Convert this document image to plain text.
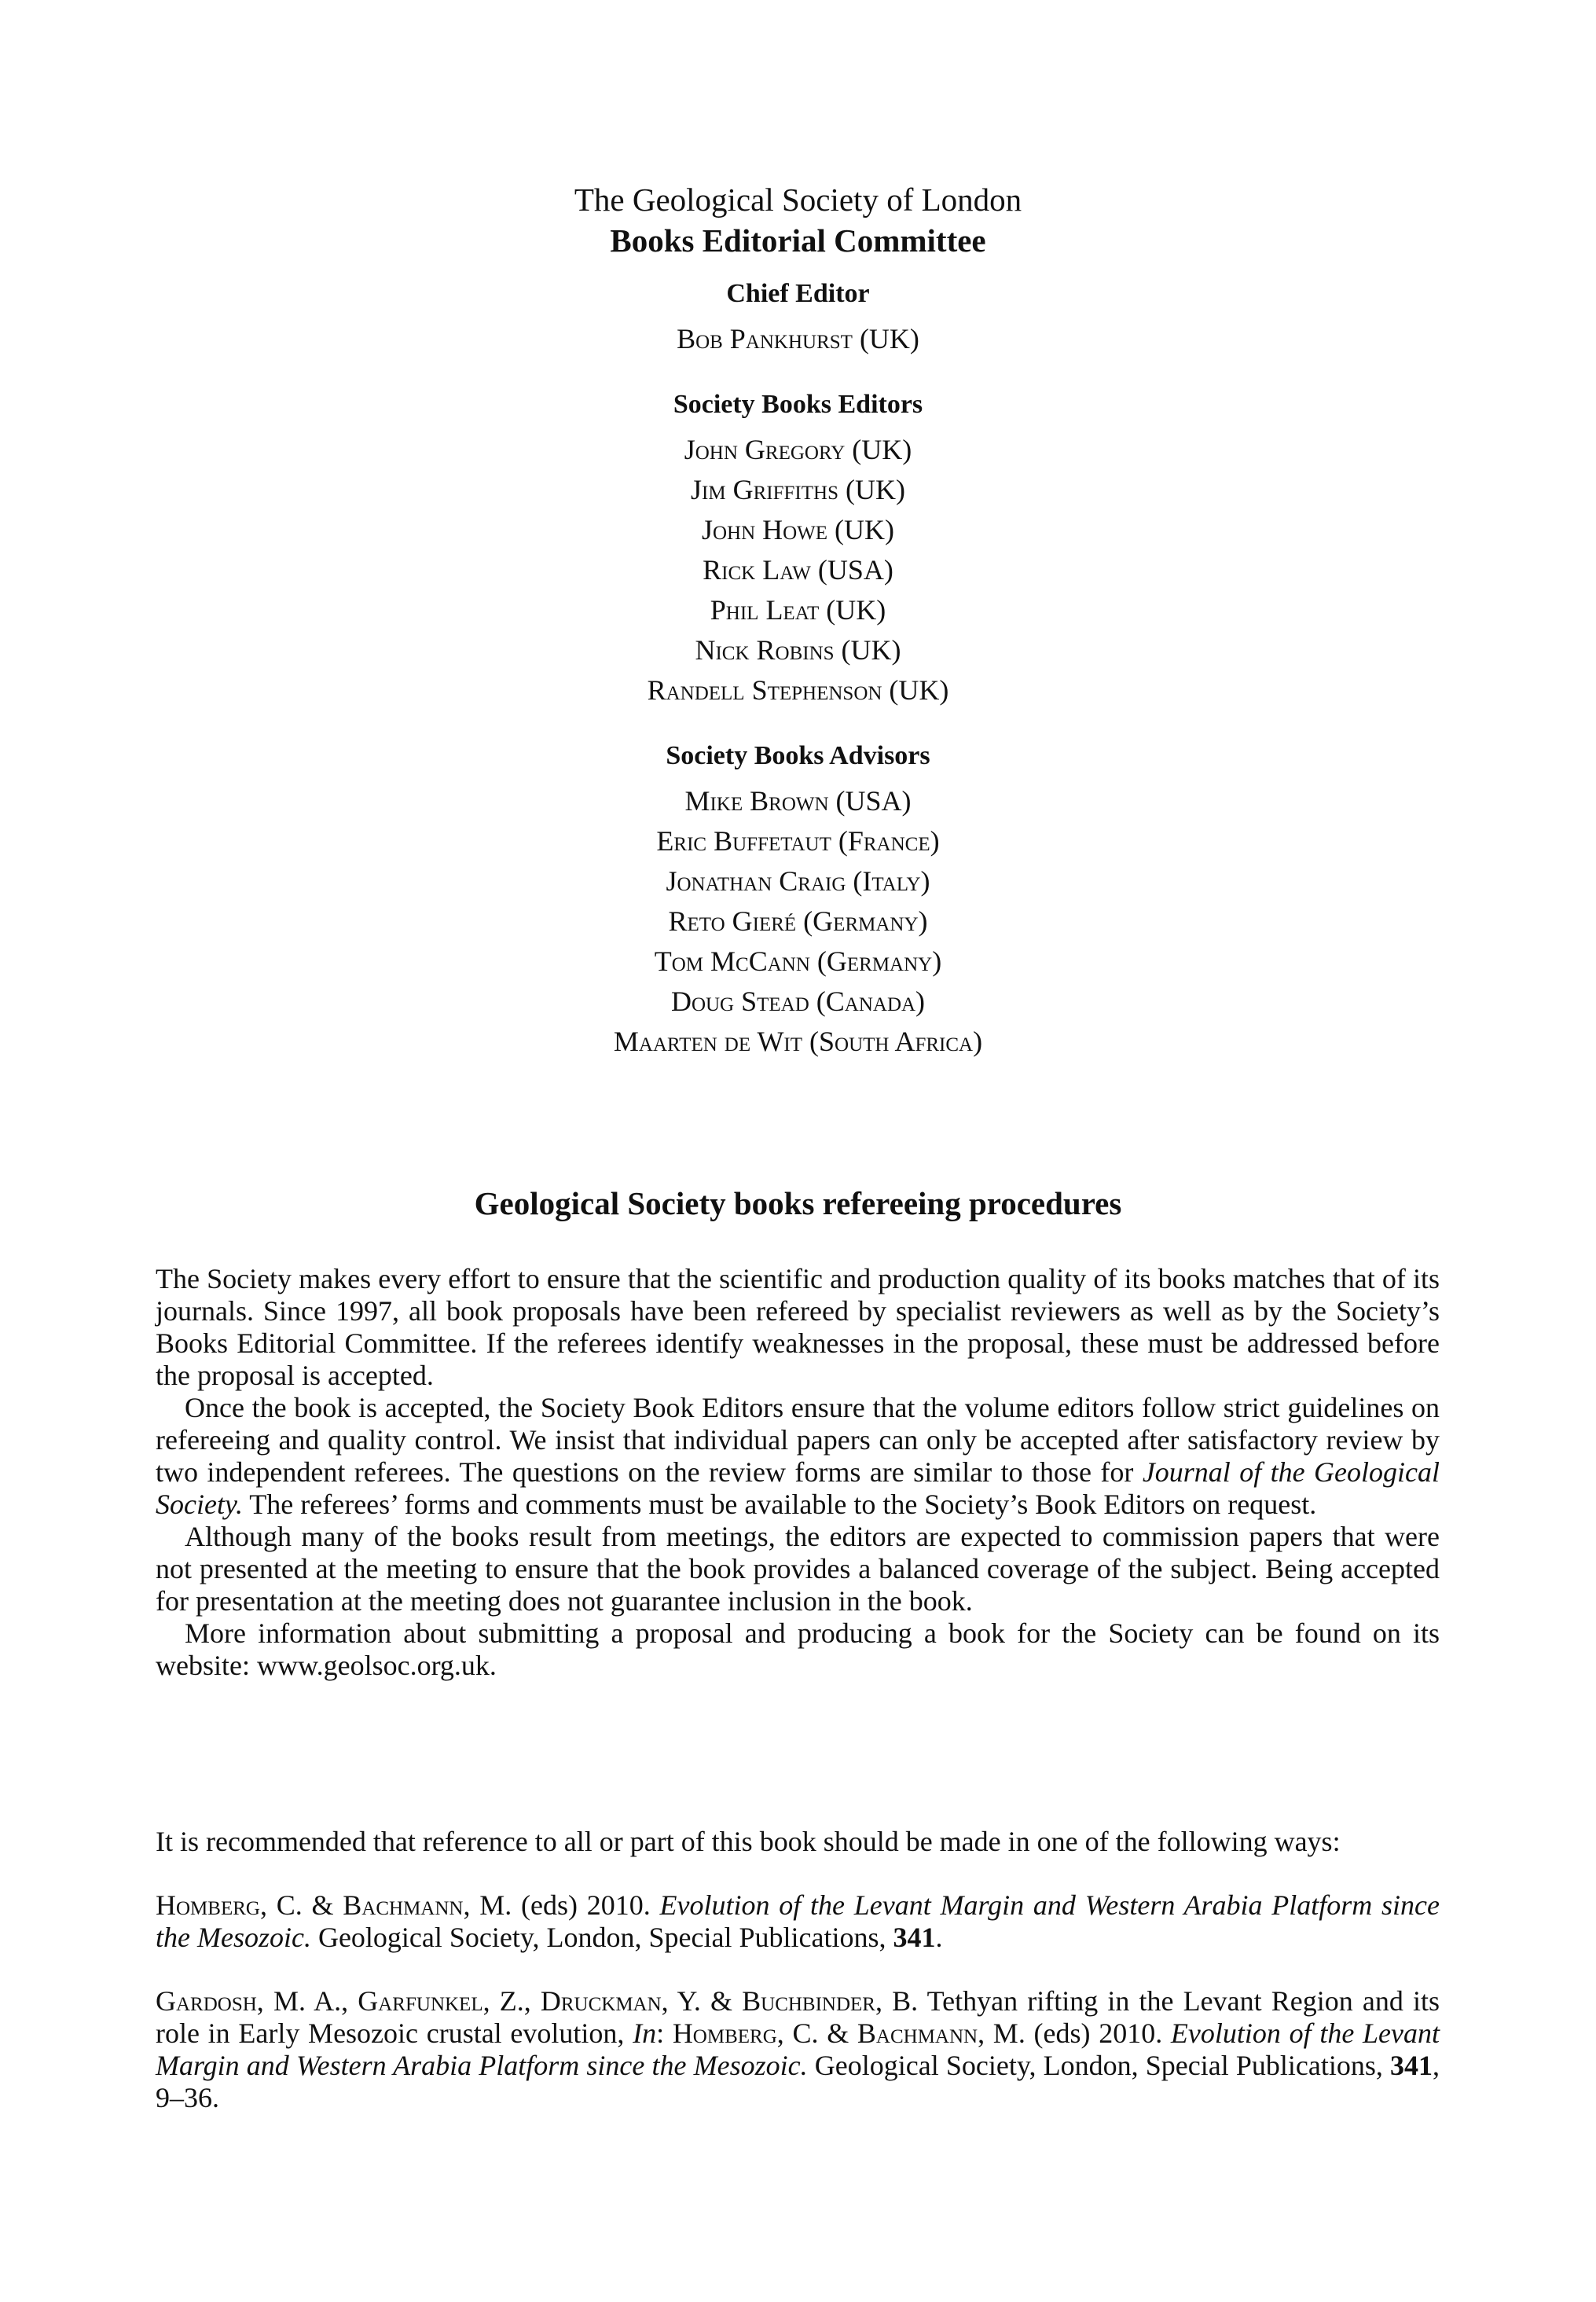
The Geological Society of London

Books Editorial Committee

Chief Editor

Bob Pankhurst (UK)

Society Books Editors

John Gregory (UK)
Jim Griffiths (UK)
John Howe (UK)
Rick Law (USA)
Phil Leat (UK)
Nick Robins (UK)
Randell Stephenson (UK)

Society Books Advisors

Mike Brown (USA)
Eric Buffetaut (France)
Jonathan Craig (Italy)
Reto Gieré (Germany)
Tom McCann (Germany)
Doug Stead (Canada)
Maarten de Wit (South Africa)
Geological Society books refereeing procedures

The Society makes every effort to ensure that the scientific and production quality of its books matches that of its journals. Since 1997, all book proposals have been refereed by specialist reviewers as well as by the Society’s Books Editorial Committee. If the referees identify weaknesses in the proposal, these must be addressed before the proposal is accepted.

Once the book is accepted, the Society Book Editors ensure that the volume editors follow strict guidelines on refereeing and quality control. We insist that individual papers can only be accepted after satisfactory review by two independent referees. The questions on the review forms are similar to those for Journal of the Geological Society. The referees’ forms and comments must be available to the Society’s Book Editors on request.

Although many of the books result from meetings, the editors are expected to commission papers that were not presented at the meeting to ensure that the book provides a balanced coverage of the subject. Being accepted for presentation at the meeting does not guarantee inclusion in the book.

More information about submitting a proposal and producing a book for the Society can be found on its website: www.geolsoc.org.uk.

It is recommended that reference to all or part of this book should be made in one of the following ways:

Homberg, C. & Bachmann, M. (eds) 2010. Evolution of the Levant Margin and Western Arabia Platform since the Mesozoic. Geological Society, London, Special Publications, 341.

Gardosh, M. A., Garfunkel, Z., Druckman, Y. & Buchbinder, B. Tethyan rifting in the Levant Region and its role in Early Mesozoic crustal evolution, In: Homberg, C. & Bachmann, M. (eds) 2010. Evolution of the Levant Margin and Western Arabia Platform since the Mesozoic. Geological Society, London, Special Publications, 341, 9–36.
